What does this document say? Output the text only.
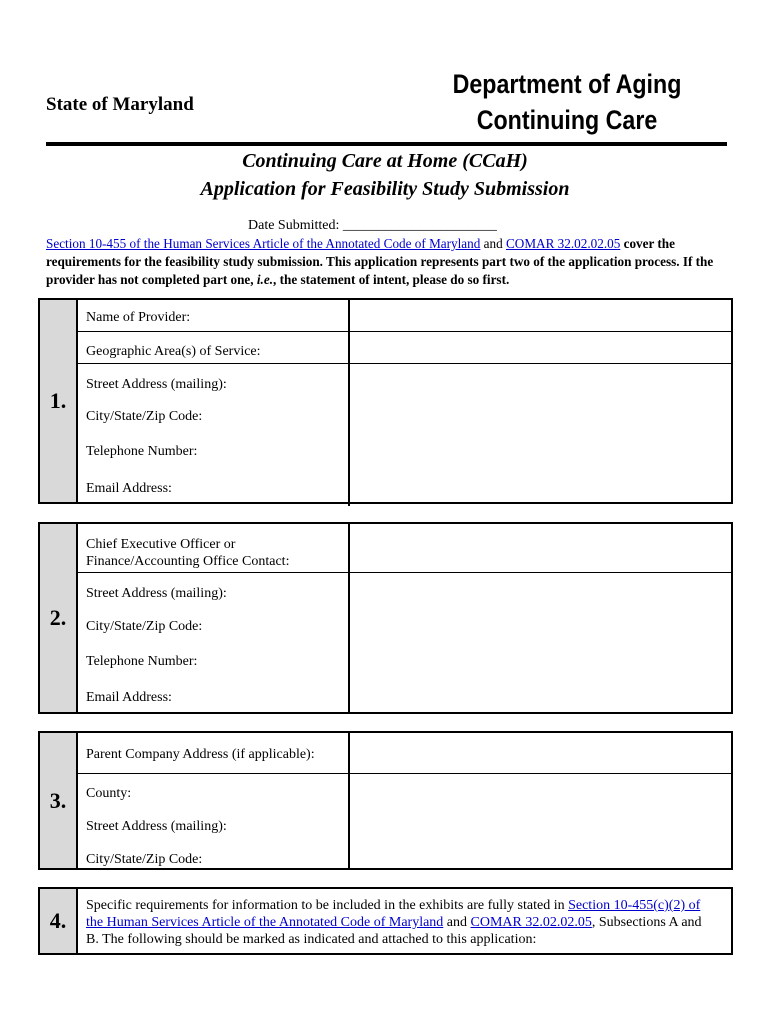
State of Maryland
Department of Aging
Continuing Care
Continuing Care at Home (CCaH)
Application for Feasibility Study Submission
Date Submitted: ______________________
Section 10-455 of the Human Services Article of the Annotated Code of Maryland and COMAR 32.02.02.05 cover the requirements for the feasibility study submission. This application represents part two of the application process. If the provider has not completed part one, i.e., the statement of intent, please do so first.
1.
Name of Provider:
Geographic Area(s) of Service:
Street Address (mailing):
City/State/Zip Code:
Telephone Number:
Email Address:
2.
Chief Executive Officer or Finance/Accounting Office Contact:
Street Address (mailing):
City/State/Zip Code:
Telephone Number:
Email Address:
3.
Parent Company Address (if applicable):
County:
Street Address (mailing):
City/State/Zip Code:
4.
Specific requirements for information to be included in the exhibits are fully stated in Section 10-455(c)(2) of the Human Services Article of the Annotated Code of Maryland and COMAR 32.02.02.05, Subsections A and B. The following should be marked as indicated and attached to this application:
